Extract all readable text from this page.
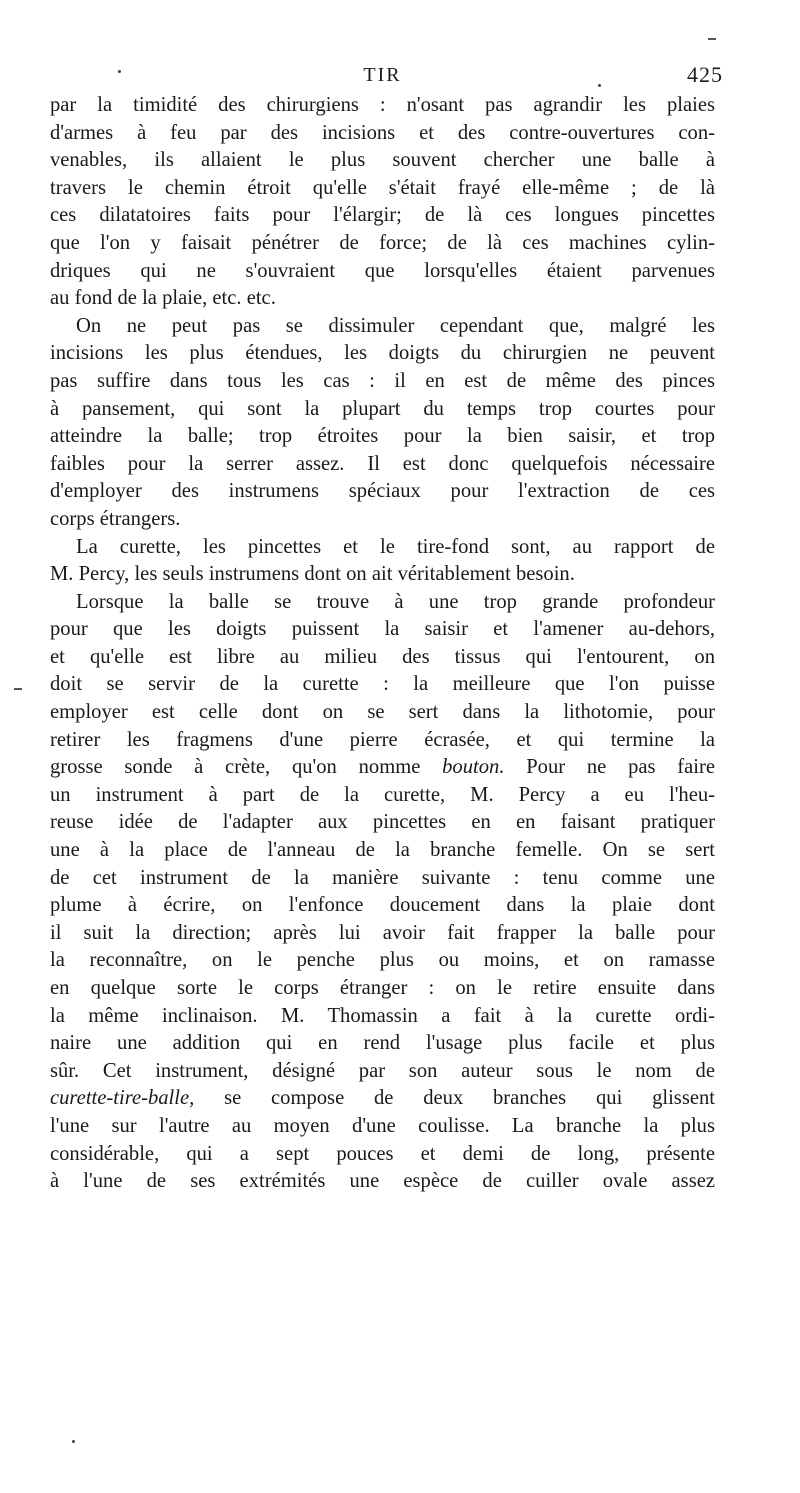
TIR	425
par la timidité des chirurgiens : n'osant pas agrandir les plaies
d'armes à feu par des incisions et des contre-ouvertures con-
venables, ils allaient le plus souvent chercher une balle à
travers le chemin étroit qu'elle s'était frayé elle-même ; de là
ces dilatatoires faits pour l'élargir; de là ces longues pincettes
que l'on y faisait pénétrer de force; de là ces machines cylin-
driques qui ne s'ouvraient que lorsqu'elles étaient parvenues
au fond de la plaie, etc. etc.
On ne peut pas se dissimuler cependant que, malgré les
incisions les plus étendues, les doigts du chirurgien ne peuvent
pas suffire dans tous les cas : il en est de même des pinces
à pansement, qui sont la plupart du temps trop courtes pour
atteindre la balle; trop étroites pour la bien saisir, et trop
faibles pour la serrer assez. Il est donc quelquefois nécessaire
d'employer des instrumens spéciaux pour l'extraction de ces
corps étrangers.
La curette, les pincettes et le tire-fond sont, au rapport de
M. Percy, les seuls instrumens dont on ait véritablement besoin.
Lorsque la balle se trouve à une trop grande profondeur
pour que les doigts puissent la saisir et l'amener au-dehors,
et qu'elle est libre au milieu des tissus qui l'entourent, on
doit se servir de la curette : la meilleure que l'on puisse
employer est celle dont on se sert dans la lithotomie, pour
retirer les fragmens d'une pierre écrasée, et qui termine la
grosse sonde à crète, qu'on nomme bouton. Pour ne pas faire
un instrument à part de la curette, M. Percy a eu l'heu-
reuse idée de l'adapter aux pincettes en en faisant pratiquer
une à la place de l'anneau de la branche femelle. On se sert
de cet instrument de la manière suivante : tenu comme une
plume à écrire, on l'enfonce doucement dans la plaie dont
il suit la direction; après lui avoir fait frapper la balle pour
la reconnaître, on le penche plus ou moins, et on ramasse
en quelque sorte le corps étranger : on le retire ensuite dans
la même inclinaison. M. Thomassin a fait à la curette ordi-
naire une addition qui en rend l'usage plus facile et plus
sûr. Cet instrument, désigné par son auteur sous le nom de
curette-tire-balle, se compose de deux branches qui glissent
l'une sur l'autre au moyen d'une coulisse. La branche la plus
considérable, qui a sept pouces et demi de long, présente
à l'une de ses extrémités une espèce de cuiller ovale assez
